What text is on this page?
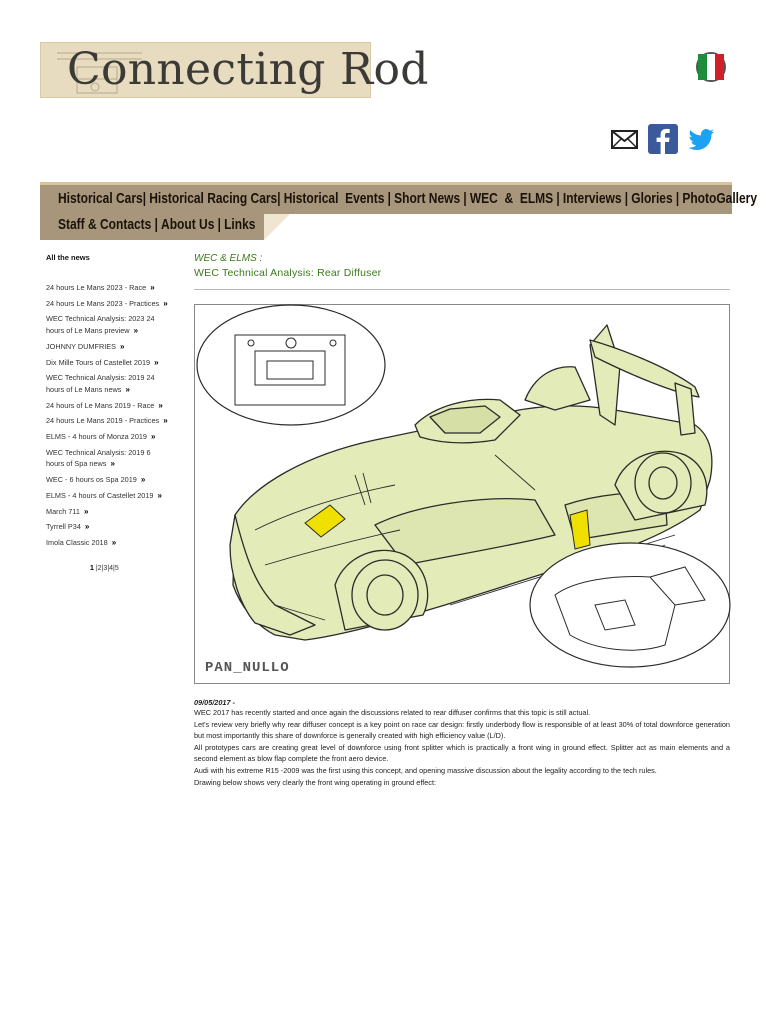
Connecting Rod
Historical Cars| Historical Racing Cars| Historical  Events | Short News | WEC  &  ELMS | Interviews | Glories | PhotoGallery
Staff & Contacts | About Us | Links
All the news
24 hours Le Mans 2023 - Race »
24 hours Le Mans 2023 - Practices »
WEC Technical Analysis: 2023 24 hours of Le Mans preview »
JOHNNY DUMFRIES »
Dix Mille Tours of Castellet 2019 »
WEC Technical Analysis: 2019 24 hours of Le Mans news »
24 hours of Le Mans 2019 - Race »
24 hours Le Mans 2019 - Practices »
ELMS - 4 hours of Monza 2019 »
WEC Technical Analysis: 2019 6 hours of Spa news »
WEC - 6 hours os Spa 2019 »
ELMS - 4 hours of Castellet 2019 »
March 711 »
Tyrrell P34 »
Imola Classic 2018 »
1 |2|3|4|5
WEC & ELMS :
WEC Technical Analysis: Rear Diffuser
PAN_NULLO
09/05/2017 -
WEC 2017 has recently started and once again the discussions related to rear diffuser confirms that this topic is still actual.
Let's review very briefly why rear diffuser concept is a key point on race car design: firstly underbody flow is responsible of at least 30% of total downforce generation but most importantly this share of downforce is generally created with high efficiency value (L/D).
All prototypes cars are creating great level of downforce using front splitter which is practically a front wing in ground effect. Splitter act as main elements and a second element as blow flap complete the front aero device.
Audi with his extreme R15 -2009 was the first using this concept, and opening massive discussion about the legality according to the tech rules.
Drawing below shows very clearly the front wing operating in ground effect:
